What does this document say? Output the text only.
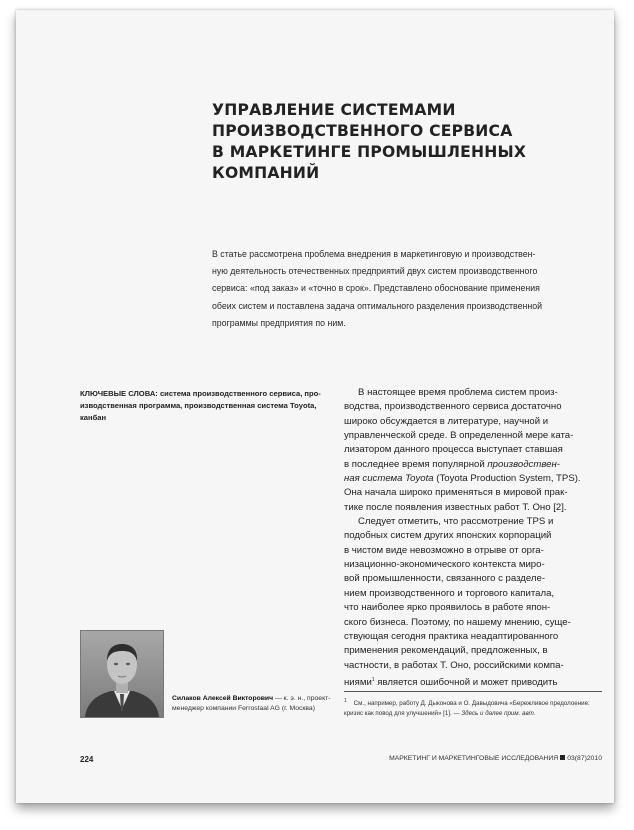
УПРАВЛЕНИЕ СИСТЕМАМИ
ПРОИЗВОДСТВЕННОГО СЕРВИСА
В МАРКЕТИНГЕ ПРОМЫШЛЕННЫХ
КОМПАНИЙ
В статье рассмотрена проблема внедрения в маркетинговую и производствен-
ную деятельность отечественных предприятий двух систем производственного
сервиса: «под заказ» и «точно в срок». Представлено обоснование применения
обеих систем и поставлена задача оптимального разделения производственной
программы предприятия по ним.
КЛЮЧЕВЫЕ СЛОВА: система производственного сервиса, про-
изводственная программа, производственная система Toyota,
канбан
В настоящее время проблема систем произ-
водства, производственного сервиса достаточно
широко обсуждается в литературе, научной и
управленческой среде. В определенной мере ката-
лизатором данного процесса выступает ставшая
в последнее время популярной производствен-
ная система Toyota (Toyota Production System, TPS).
Она начала широко применяться в мировой прак-
тике после появления известных работ Т. Оно [2].
Следует отметить, что рассмотрение TPS и
подобных систем других японских корпораций
в чистом виде невозможно в отрыве от орга-
низационно-экономического контекста миро-
вой промышленности, связанного с разделе-
нием производственного и торгового капитала,
что наиболее ярко проявилось в работе япон-
ского бизнеса. Поэтому, по нашему мнению, суще-
ствующая сегодня практика неадаптированного
применения рекомендаций, предложенных, в
частности, в работах Т. Оно, российскими компа-
ниями$^1$ является ошибочной и может приводить
Силаков Алексей Викторович — к. э. н., проект-
менеджер компании Ferrostaal AG (г. Москва)
$^1$ См., например, работу Д. Дыконова и О. Давыдовича «Бережливое предолоение:
кризис как повод для улучшений» [1]. — Здесь и далее прим. авт.
224	МАРКЕТИНГ И МАРКЕТИНГОВЫЕ ИССЛЕДОВАНИЯ 03(87)2010
